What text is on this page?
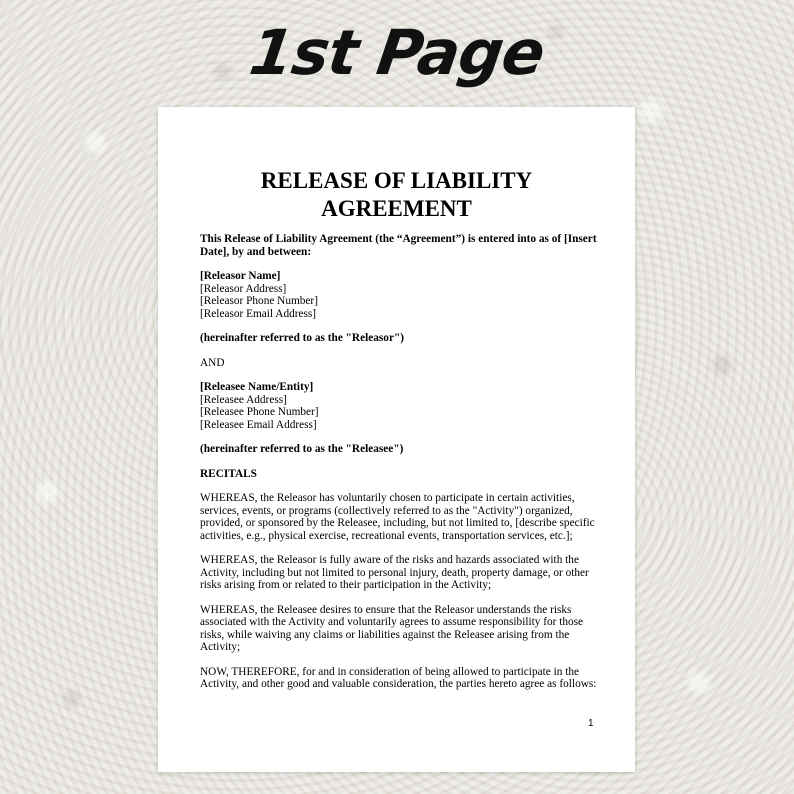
1st Page
RELEASE OF LIABILITY
AGREEMENT

This Release of Liability Agreement (the “Agreement”) is entered into as of [Insert Date], by and between:

[Releasor Name]
[Releasor Address]
[Releasor Phone Number]
[Releasor Email Address]

(hereinafter referred to as the "Releasor")

AND

[Releasee Name/Entity]
[Releasee Address]
[Releasee Phone Number]
[Releasee Email Address]

(hereinafter referred to as the "Releasee")

RECITALS

WHEREAS, the Releasor has voluntarily chosen to participate in certain activities, services, events, or programs (collectively referred to as the "Activity") organized, provided, or sponsored by the Releasee, including, but not limited to, [describe specific activities, e.g., physical exercise, recreational events, transportation services, etc.];

WHEREAS, the Releasor is fully aware of the risks and hazards associated with the Activity, including but not limited to personal injury, death, property damage, or other risks arising from or related to their participation in the Activity;

WHEREAS, the Releasee desires to ensure that the Releasor understands the risks associated with the Activity and voluntarily agrees to assume responsibility for those risks, while waiving any claims or liabilities against the Releasee arising from the Activity;

NOW, THEREFORE, for and in consideration of being allowed to participate in the Activity, and other good and valuable consideration, the parties hereto agree as follows:

1
